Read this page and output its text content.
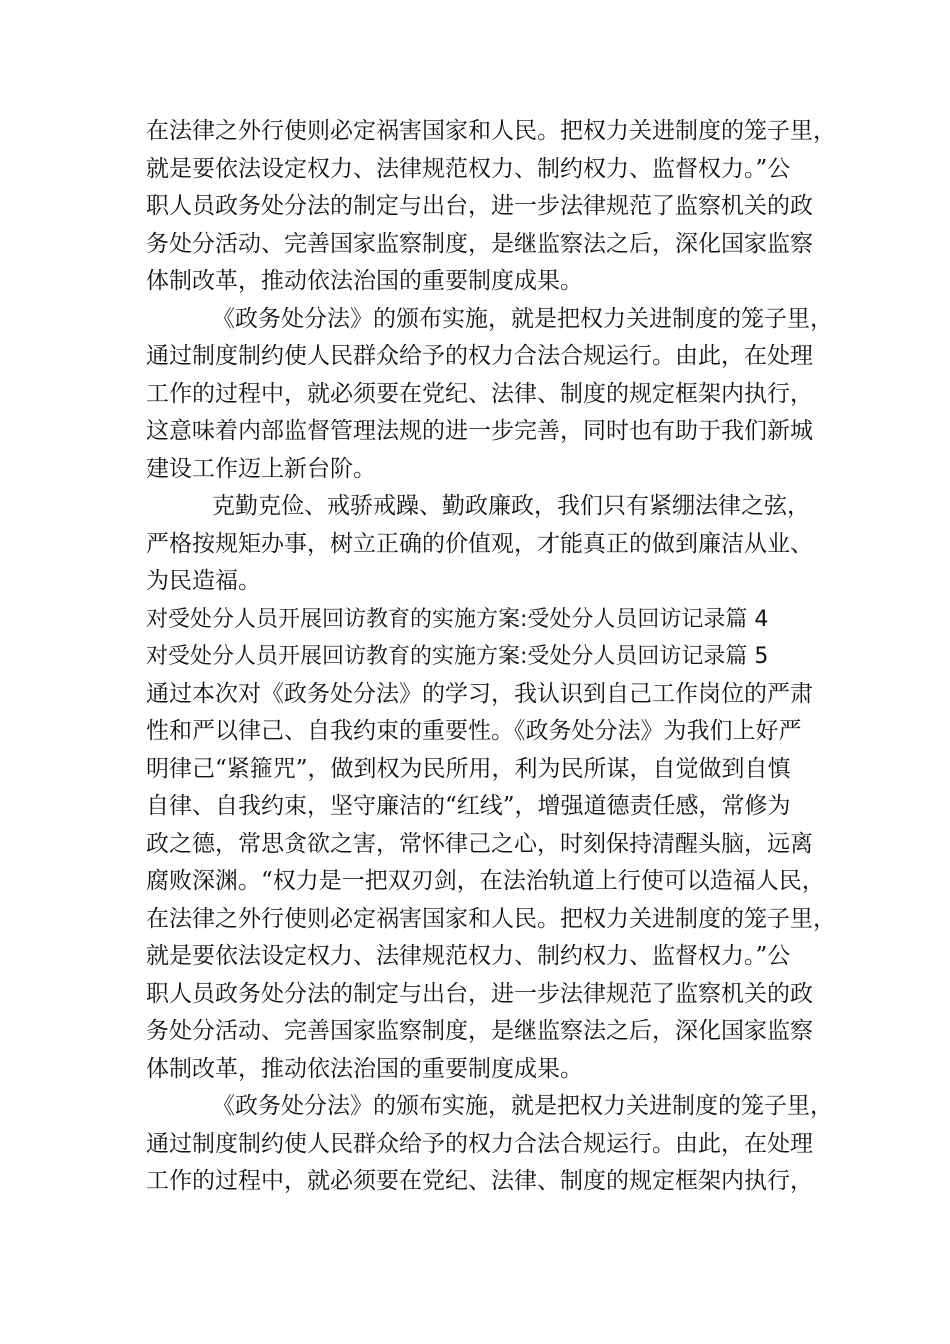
在法律之外行使则必定祸害国家和人民。把权力关进制度的笼子里，
就是要依法设定权力、法律规范权力、制约权力、监督权力。”公
职人员政务处分法的制定与出台，进一步法律规范了监察机关的政
务处分活动、完善国家监察制度，是继监察法之后，深化国家监察
体制改革，推动依法治国的重要制度成果。
《政务处分法》的颁布实施，就是把权力关进制度的笼子里，
通过制度制约使人民群众给予的权力合法合规运行。由此，在处理
工作的过程中，就必须要在党纪、法律、制度的规定框架内执行，
这意味着内部监督管理法规的进一步完善，同时也有助于我们新城
建设工作迈上新台阶。
克勤克俭、戒骄戒躁、勤政廉政，我们只有紧绷法律之弦，
严格按规矩办事，树立正确的价值观，才能真正的做到廉洁从业、
为民造福。
对受处分人员开展回访教育的实施方案:受处分人员回访记录篇 4
对受处分人员开展回访教育的实施方案:受处分人员回访记录篇 5
通过本次对《政务处分法》的学习，我认识到自己工作岗位的严肃
性和严以律己、自我约束的重要性。《政务处分法》为我们上好严
明律己“紧箍咒”，做到权为民所用，利为民所谋，自觉做到自慎
自律、自我约束，坚守廉洁的“红线”，增强道德责任感，常修为
政之德，常思贪欲之害，常怀律己之心，时刻保持清醒头脑，远离
腐败深渊。“权力是一把双刃剑，在法治轨道上行使可以造福人民，
在法律之外行使则必定祸害国家和人民。把权力关进制度的笼子里，
就是要依法设定权力、法律规范权力、制约权力、监督权力。”公
职人员政务处分法的制定与出台，进一步法律规范了监察机关的政
务处分活动、完善国家监察制度，是继监察法之后，深化国家监察
体制改革，推动依法治国的重要制度成果。
《政务处分法》的颁布实施，就是把权力关进制度的笼子里，
通过制度制约使人民群众给予的权力合法合规运行。由此，在处理
工作的过程中，就必须要在党纪、法律、制度的规定框架内执行，
